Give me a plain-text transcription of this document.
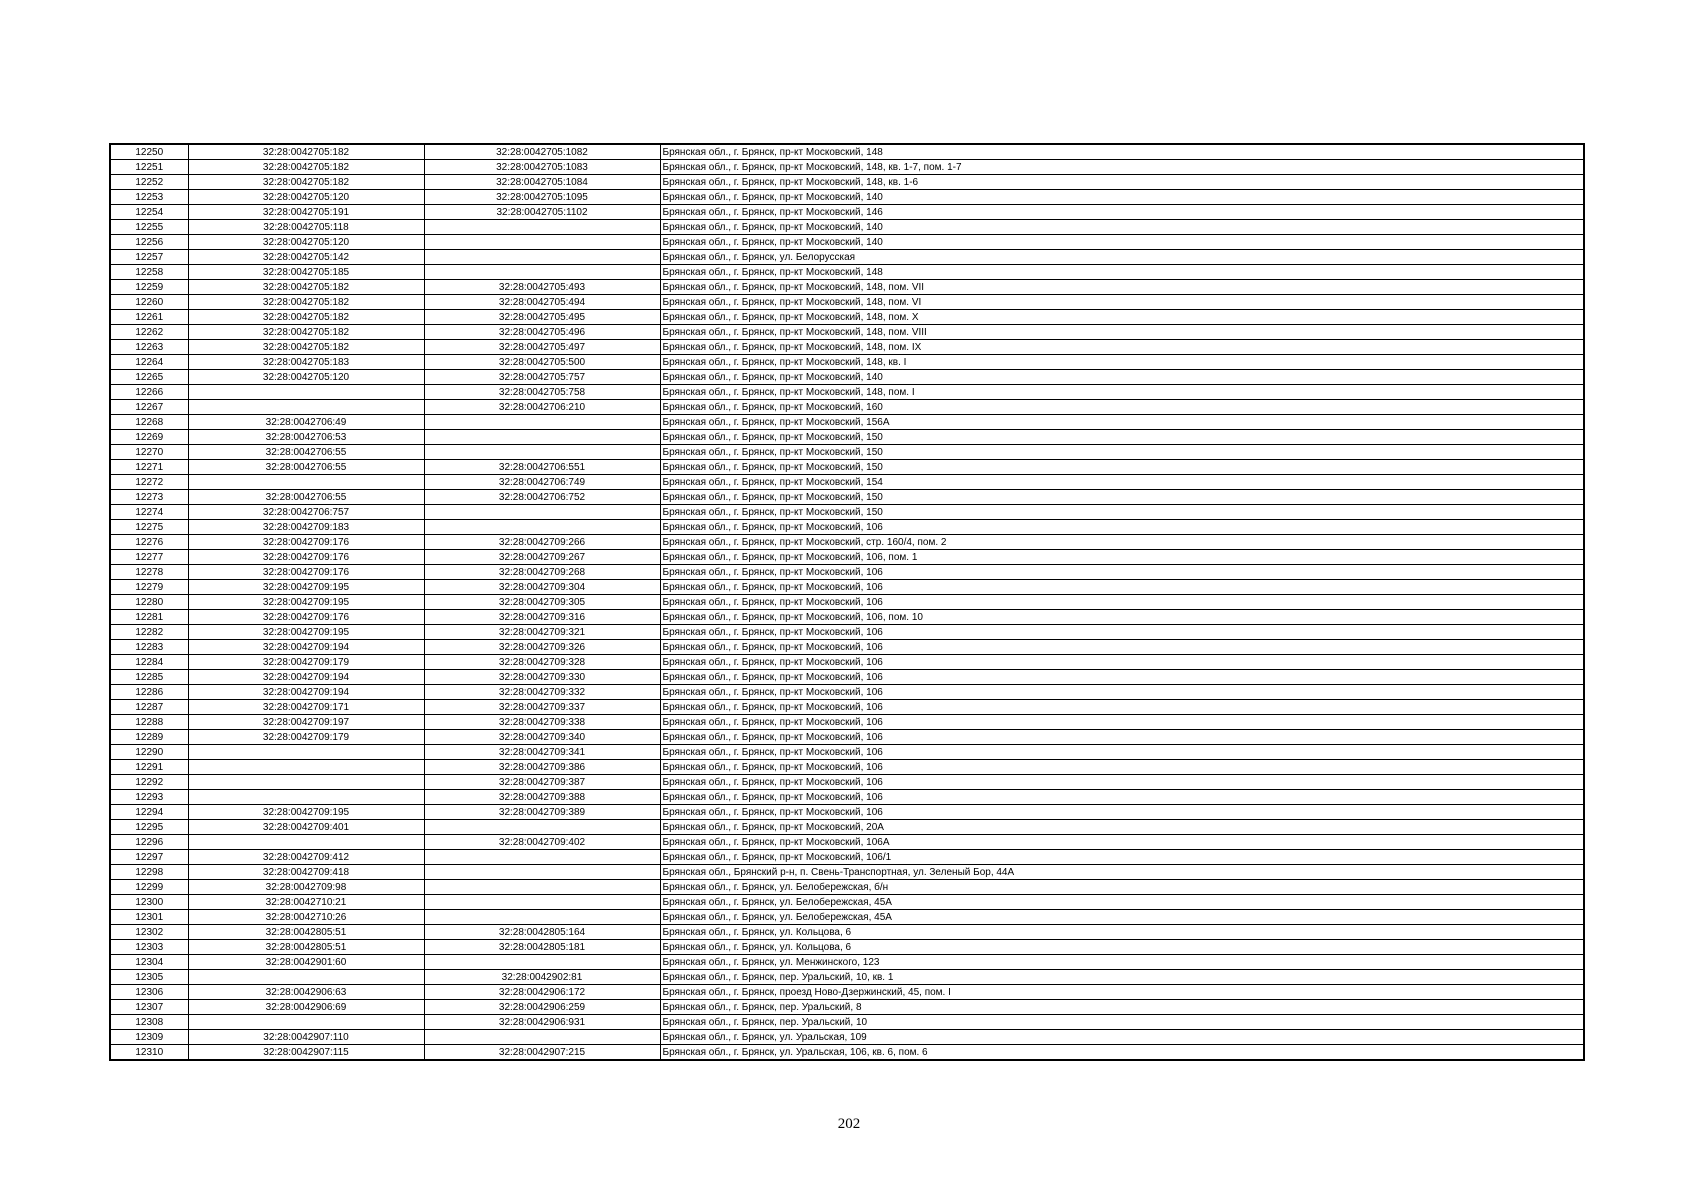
12250	32:28:0042705:182	32:28:0042705:1082	Брянская обл., г. Брянск, пр-кт Московский, 148
12251	32:28:0042705:182	32:28:0042705:1083	Брянская обл., г. Брянск, пр-кт Московский, 148, кв. 1-7, пом. 1-7
12252	32:28:0042705:182	32:28:0042705:1084	Брянская обл., г. Брянск, пр-кт Московский, 148, кв. 1-6
12253	32:28:0042705:120	32:28:0042705:1095	Брянская обл., г. Брянск, пр-кт Московский, 140
12254	32:28:0042705:191	32:28:0042705:1102	Брянская обл., г. Брянск, пр-кт Московский, 146
12255	32:28:0042705:118		Брянская обл., г. Брянск, пр-кт Московский, 140
12256	32:28:0042705:120		Брянская обл., г. Брянск, пр-кт Московский, 140
12257	32:28:0042705:142		Брянская обл., г. Брянск, ул. Белорусская
12258	32:28:0042705:185		Брянская обл., г. Брянск, пр-кт Московский, 148
12259	32:28:0042705:182	32:28:0042705:493	Брянская обл., г. Брянск, пр-кт Московский, 148, пом. VII
12260	32:28:0042705:182	32:28:0042705:494	Брянская обл., г. Брянск, пр-кт Московский, 148, пом. VI
12261	32:28:0042705:182	32:28:0042705:495	Брянская обл., г. Брянск, пр-кт Московский, 148, пом. X
12262	32:28:0042705:182	32:28:0042705:496	Брянская обл., г. Брянск, пр-кт Московский, 148, пом. VIII
12263	32:28:0042705:182	32:28:0042705:497	Брянская обл., г. Брянск, пр-кт Московский, 148, пом. IX
12264	32:28:0042705:183	32:28:0042705:500	Брянская обл., г. Брянск, пр-кт Московский, 148, кв. I
12265	32:28:0042705:120	32:28:0042705:757	Брянская обл., г. Брянск, пр-кт Московский, 140
12266		32:28:0042705:758	Брянская обл., г. Брянск, пр-кт Московский, 148, пом. I
12267		32:28:0042706:210	Брянская обл., г. Брянск, пр-кт Московский, 160
12268	32:28:0042706:49		Брянская обл., г. Брянск, пр-кт Московский, 156А
12269	32:28:0042706:53		Брянская обл., г. Брянск, пр-кт Московский, 150
12270	32:28:0042706:55		Брянская обл., г. Брянск, пр-кт Московский, 150
12271	32:28:0042706:55	32:28:0042706:551	Брянская обл., г. Брянск, пр-кт Московский, 150
12272		32:28:0042706:749	Брянская обл., г. Брянск, пр-кт Московский, 154
12273	32:28:0042706:55	32:28:0042706:752	Брянская обл., г. Брянск, пр-кт Московский, 150
12274	32:28:0042706:757		Брянская обл., г. Брянск, пр-кт Московский, 150
12275	32:28:0042709:183		Брянская обл., г. Брянск, пр-кт Московский, 106
12276	32:28:0042709:176	32:28:0042709:266	Брянская обл., г. Брянск, пр-кт Московский, стр. 160/4, пом. 2
12277	32:28:0042709:176	32:28:0042709:267	Брянская обл., г. Брянск, пр-кт Московский, 106, пом. 1
12278	32:28:0042709:176	32:28:0042709:268	Брянская обл., г. Брянск, пр-кт Московский, 106
12279	32:28:0042709:195	32:28:0042709:304	Брянская обл., г. Брянск, пр-кт Московский, 106
12280	32:28:0042709:195	32:28:0042709:305	Брянская обл., г. Брянск, пр-кт Московский, 106
12281	32:28:0042709:176	32:28:0042709:316	Брянская обл., г. Брянск, пр-кт Московский, 106, пом. 10
12282	32:28:0042709:195	32:28:0042709:321	Брянская обл., г. Брянск, пр-кт Московский, 106
12283	32:28:0042709:194	32:28:0042709:326	Брянская обл., г. Брянск, пр-кт Московский, 106
12284	32:28:0042709:179	32:28:0042709:328	Брянская обл., г. Брянск, пр-кт Московский, 106
12285	32:28:0042709:194	32:28:0042709:330	Брянская обл., г. Брянск, пр-кт Московский, 106
12286	32:28:0042709:194	32:28:0042709:332	Брянская обл., г. Брянск, пр-кт Московский, 106
12287	32:28:0042709:171	32:28:0042709:337	Брянская обл., г. Брянск, пр-кт Московский, 106
12288	32:28:0042709:197	32:28:0042709:338	Брянская обл., г. Брянск, пр-кт Московский, 106
12289	32:28:0042709:179	32:28:0042709:340	Брянская обл., г. Брянск, пр-кт Московский, 106
12290		32:28:0042709:341	Брянская обл., г. Брянск, пр-кт Московский, 106
12291		32:28:0042709:386	Брянская обл., г. Брянск, пр-кт Московский, 106
12292		32:28:0042709:387	Брянская обл., г. Брянск, пр-кт Московский, 106
12293		32:28:0042709:388	Брянская обл., г. Брянск, пр-кт Московский, 106
12294	32:28:0042709:195	32:28:0042709:389	Брянская обл., г. Брянск, пр-кт Московский, 106
12295	32:28:0042709:401		Брянская обл., г. Брянск, пр-кт Московский, 20А
12296		32:28:0042709:402	Брянская обл., г. Брянск, пр-кт Московский, 106А
12297	32:28:0042709:412		Брянская обл., г. Брянск, пр-кт Московский, 106/1
12298	32:28:0042709:418		Брянская обл., Брянский р-н, п. Свень-Транспортная, ул. Зеленый Бор, 44А
12299	32:28:0042709:98		Брянская обл., г. Брянск, ул. Белобережская, б/н
12300	32:28:0042710:21		Брянская обл., г. Брянск, ул. Белобережская, 45А
12301	32:28:0042710:26		Брянская обл., г. Брянск, ул. Белобережская, 45А
12302	32:28:0042805:51	32:28:0042805:164	Брянская обл., г. Брянск, ул. Кольцова, 6
12303	32:28:0042805:51	32:28:0042805:181	Брянская обл., г. Брянск, ул. Кольцова, 6
12304	32:28:0042901:60		Брянская обл., г. Брянск, ул. Менжинского, 123
12305		32:28:0042902:81	Брянская обл., г. Брянск, пер. Уральский, 10, кв. 1
12306	32:28:0042906:63	32:28:0042906:172	Брянская обл., г. Брянск, проезд Ново-Дзержинский, 45, пом. I
12307	32:28:0042906:69	32:28:0042906:259	Брянская обл., г. Брянск, пер. Уральский, 8
12308		32:28:0042906:931	Брянская обл., г. Брянск, пер. Уральский, 10
12309	32:28:0042907:110		Брянская обл., г. Брянск, ул. Уральская, 109
12310	32:28:0042907:115	32:28:0042907:215	Брянская обл., г. Брянск, ул. Уральская, 106, кв. 6, пом. 6
202
